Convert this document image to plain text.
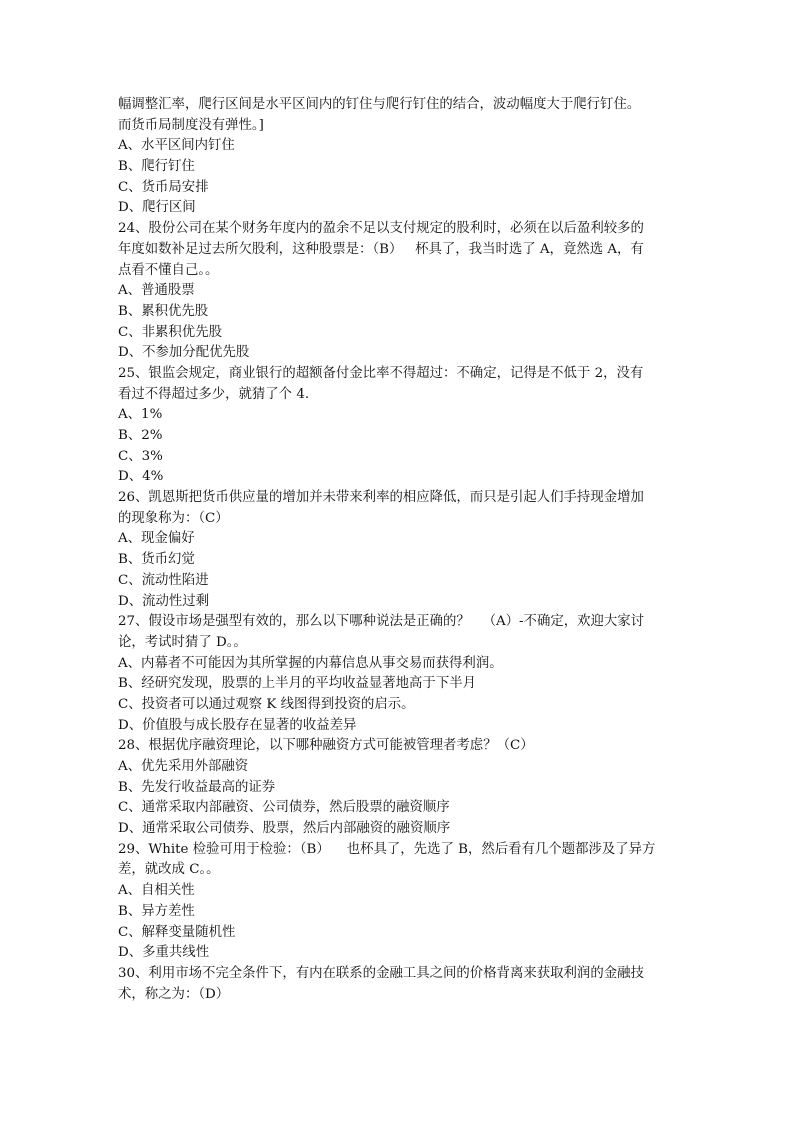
幅调整汇率，爬行区间是水平区间内的钉住与爬行钉住的结合，波动幅度大于爬行钉住。
而货币局制度没有弹性。]
A、水平区间内钉住
B、爬行钉住
C、货币局安排
D、爬行区间
24、股份公司在某个财务年度内的盈余不足以支付规定的股利时，必须在以后盈利较多的
年度如数补足过去所欠股利，这种股票是：（B）   杯具了，我当时选了 A，竟然选 A，有
点看不懂自己。。
A、普通股票
B、累积优先股
C、非累积优先股
D、不参加分配优先股
25、银监会规定，商业银行的超额备付金比率不得超过：不确定，记得是不低于 2，没有
看过不得超过多少，就猜了个 4.
A、1%
B、2%
C、3%
D、4%
26、凯恩斯把货币供应量的增加并未带来利率的相应降低，而只是引起人们手持现金增加
的现象称为：（C）
A、现金偏好
B、货币幻觉
C、流动性陷进
D、流动性过剩
27、假设市场是强型有效的，那么以下哪种说法是正确的？   （A）-不确定，欢迎大家讨
论，考试时猜了 D。。
A、内幕者不可能因为其所掌握的内幕信息从事交易而获得利润。
B、经研究发现，股票的上半月的平均收益显著地高于下半月
C、投资者可以通过观察 K 线图得到投资的启示。
D、价值股与成长股存在显著的收益差异
28、根据优序融资理论，以下哪种融资方式可能被管理者考虑？（C）
A、优先采用外部融资
B、先发行收益最高的证券
C、通常采取内部融资、公司债券，然后股票的融资顺序
D、通常采取公司债券、股票，然后内部融资的融资顺序
29、White 检验可用于检验：（B）    也杯具了，先选了 B，然后看有几个题都涉及了异方
差，就改成 C。。
A、自相关性
B、异方差性
C、解释变量随机性
D、多重共线性
30、利用市场不完全条件下，有内在联系的金融工具之间的价格背离来获取利润的金融技
术，称之为：（D）
